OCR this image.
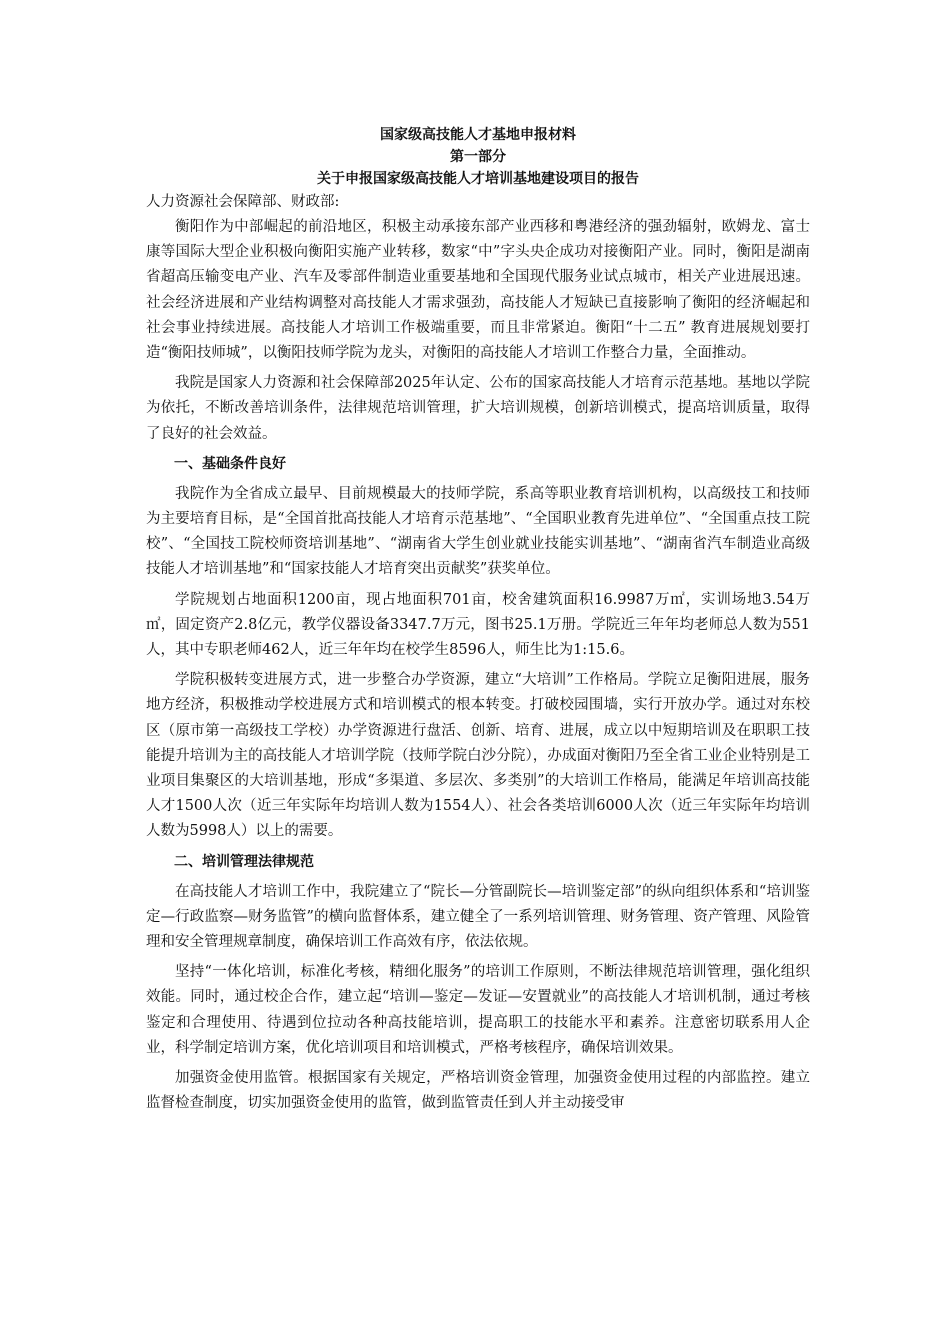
国家级高技能人才基地申报材料

第一部分

关于申报国家级高技能人才培训基地建设项目的报告

人力资源社会保障部、财政部:

衡阳作为中部崛起的前沿地区，积极主动承接东部产业西移和粤港经济的强劲辐射，欧姆龙、富士康等国际大型企业积极向衡阳实施产业转移，数家“中”字头央企成功对接衡阳产业。同时，衡阳是湖南省超高压输变电产业、汽车及零部件制造业重要基地和全国现代服务业试点城市，相关产业进展迅速。社会经济进展和产业结构调整对高技能人才需求强劲，高技能人才短缺已直接影响了衡阳的经济崛起和社会事业持续进展。高技能人才培训工作极端重要，而且非常紧迫。衡阳“十二五” 教育进展规划要打造“衡阳技师城”，以衡阳技师学院为龙头，对衡阳的高技能人才培训工作整合力量，全面推动。

我院是国家人力资源和社会保障部2025年认定、公布的国家高技能人才培育示范基地。基地以学院为依托，不断改善培训条件，法律规范培训管理，扩大培训规模，创新培训模式，提高培训质量，取得了良好的社会效益。

一、基础条件良好

我院作为全省成立最早、目前规模最大的技师学院，系高等职业教育培训机构，以高级技工和技师为主要培育目标，是“全国首批高技能人才培育示范基地”、“全国职业教育先进单位”、“全国重点技工院校”、“全国技工院校师资培训基地”、“湖南省大学生创业就业技能实训基地”、“湖南省汽车制造业高级技能人才培训基地”和“国家技能人才培育突出贡献奖”获奖单位。

学院规划占地面积1200亩，现占地面积701亩，校舍建筑面积16.9987万㎡，实训场地3.54万㎡，固定资产2.8亿元，教学仪器设备3347.7万元，图书25.1万册。学院近三年年均老师总人数为551人，其中专职老师462人，近三年年均在校学生8596人，师生比为1:15.6。

学院积极转变进展方式，进一步整合办学资源，建立“大培训”工作格局。学院立足衡阳进展，服务地方经济，积极推动学校进展方式和培训模式的根本转变。打破校园围墙，实行开放办学。通过对东校区（原市第一高级技工学校）办学资源进行盘活、创新、培育、进展，成立以中短期培训及在职职工技能提升培训为主的高技能人才培训学院（技师学院白沙分院），办成面对衡阳乃至全省工业企业特别是工业项目集聚区的大培训基地，形成“多渠道、多层次、多类别”的大培训工作格局，能满足年培训高技能人才1500人次（近三年实际年均培训人数为1554人）、社会各类培训6000人次（近三年实际年均培训人数为5998人）以上的需要。

二、培训管理法律规范

在高技能人才培训工作中，我院建立了“院长—分管副院长—培训鉴定部”的纵向组织体系和“培训鉴定—行政监察—财务监管”的横向监督体系，建立健全了一系列培训管理、财务管理、资产管理、风险管理和安全管理规章制度，确保培训工作高效有序，依法依规。

坚持“一体化培训，标准化考核，精细化服务”的培训工作原则，不断法律规范培训管理，强化组织效能。同时，通过校企合作，建立起“培训—鉴定—发证—安置就业”的高技能人才培训机制，通过考核鉴定和合理使用、待遇到位拉动各种高技能培训，提高职工的技能水平和素养。注意密切联系用人企业，科学制定培训方案，优化培训项目和培训模式，严格考核程序，确保培训效果。

加强资金使用监管。根据国家有关规定，严格培训资金管理，加强资金使用过程的内部监控。建立监督检查制度，切实加强资金使用的监管，做到监管责任到人并主动接受审
